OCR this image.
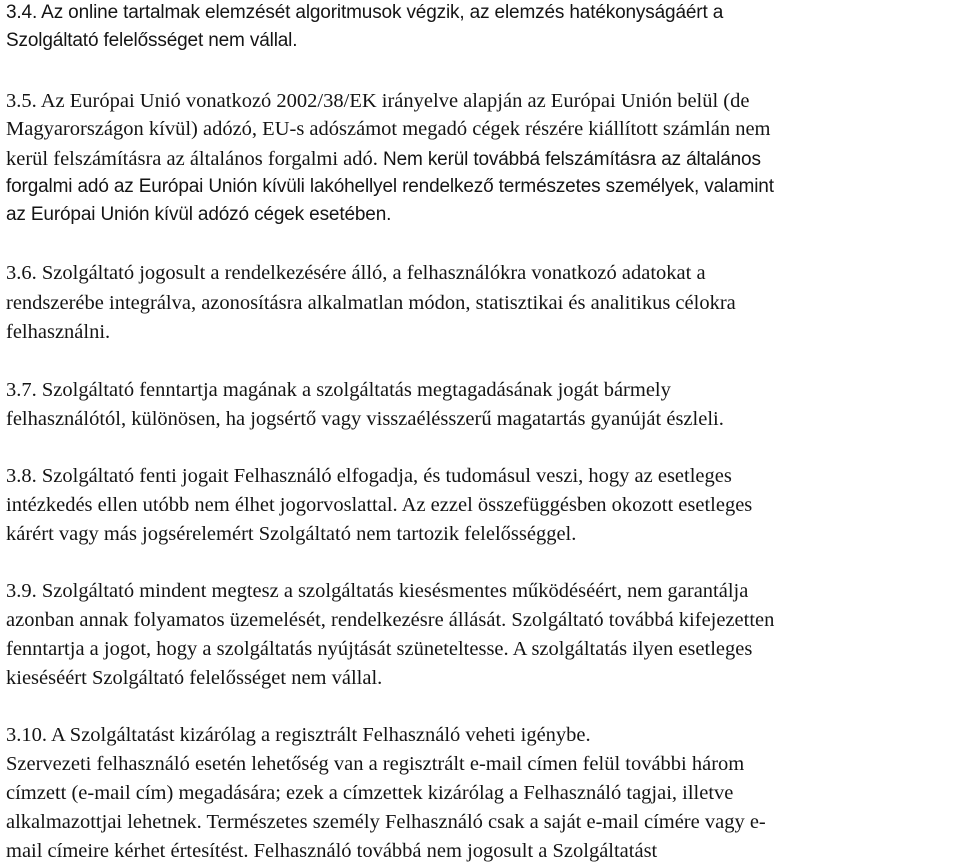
3.4. Az online tartalmak elemzését algoritmusok végzik, az elemzés hatékonyságáért a
Szolgáltató felelősséget nem vállal.
3.5. Az Európai Unió vonatkozó 2002/38/EK irányelve alapján az Európai Unión belül (de
Magyarországon kívül) adózó, EU-s adószámot megadó cégek részére kiállított számlán nem
kerül felszámításra az általános forgalmi adó. Nem kerül továbbá felszámításra az általános
forgalmi adó az Európai Unión kívüli lakóhellyel rendelkező természetes személyek, valamint
az Európai Unión kívül adózó cégek esetében.
3.6. Szolgáltató jogosult a rendelkezésére álló, a felhasználókra vonatkozó adatokat a
rendszerébe integrálva, azonosításra alkalmatlan módon, statisztikai és analitikus célokra
felhasználni.
3.7. Szolgáltató fenntartja magának a szolgáltatás megtagadásának jogát bármely
felhasználótól, különösen, ha jogsértő vagy visszaélésszerű magatartás gyanúját észleli.
3.8. Szolgáltató fenti jogait Felhasználó elfogadja, és tudomásul veszi, hogy az esetleges
intézkedés ellen utóbb nem élhet jogorvoslattal. Az ezzel összefüggésben okozott esetleges
kárért vagy más jogsérelemért Szolgáltató nem tartozik felelősséggel.
3.9. Szolgáltató mindent megtesz a szolgáltatás kiesésmentes működéséért, nem garantálja
azonban annak folyamatos üzemelését, rendelkezésre állását. Szolgáltató továbbá kifejezetten
fenntartja a jogot, hogy a szolgáltatás nyújtását szüneteltesse. A szolgáltatás ilyen esetleges
kieséséért Szolgáltató felelősséget nem vállal.
3.10. A Szolgáltatást kizárólag a regisztrált Felhasználó veheti igénybe.
Szervezeti felhasználó esetén lehetőség van a regisztrált e-mail címen felül további három
címzett (e-mail cím) megadására; ezek a címzettek kizárólag a Felhasználó tagjai, illetve
alkalmazottjai lehetnek. Természetes személy Felhasználó csak a saját e-mail címére vagy e-
mail címeire kérhet értesítést. Felhasználó továbbá nem jogosult a Szolgáltatást
